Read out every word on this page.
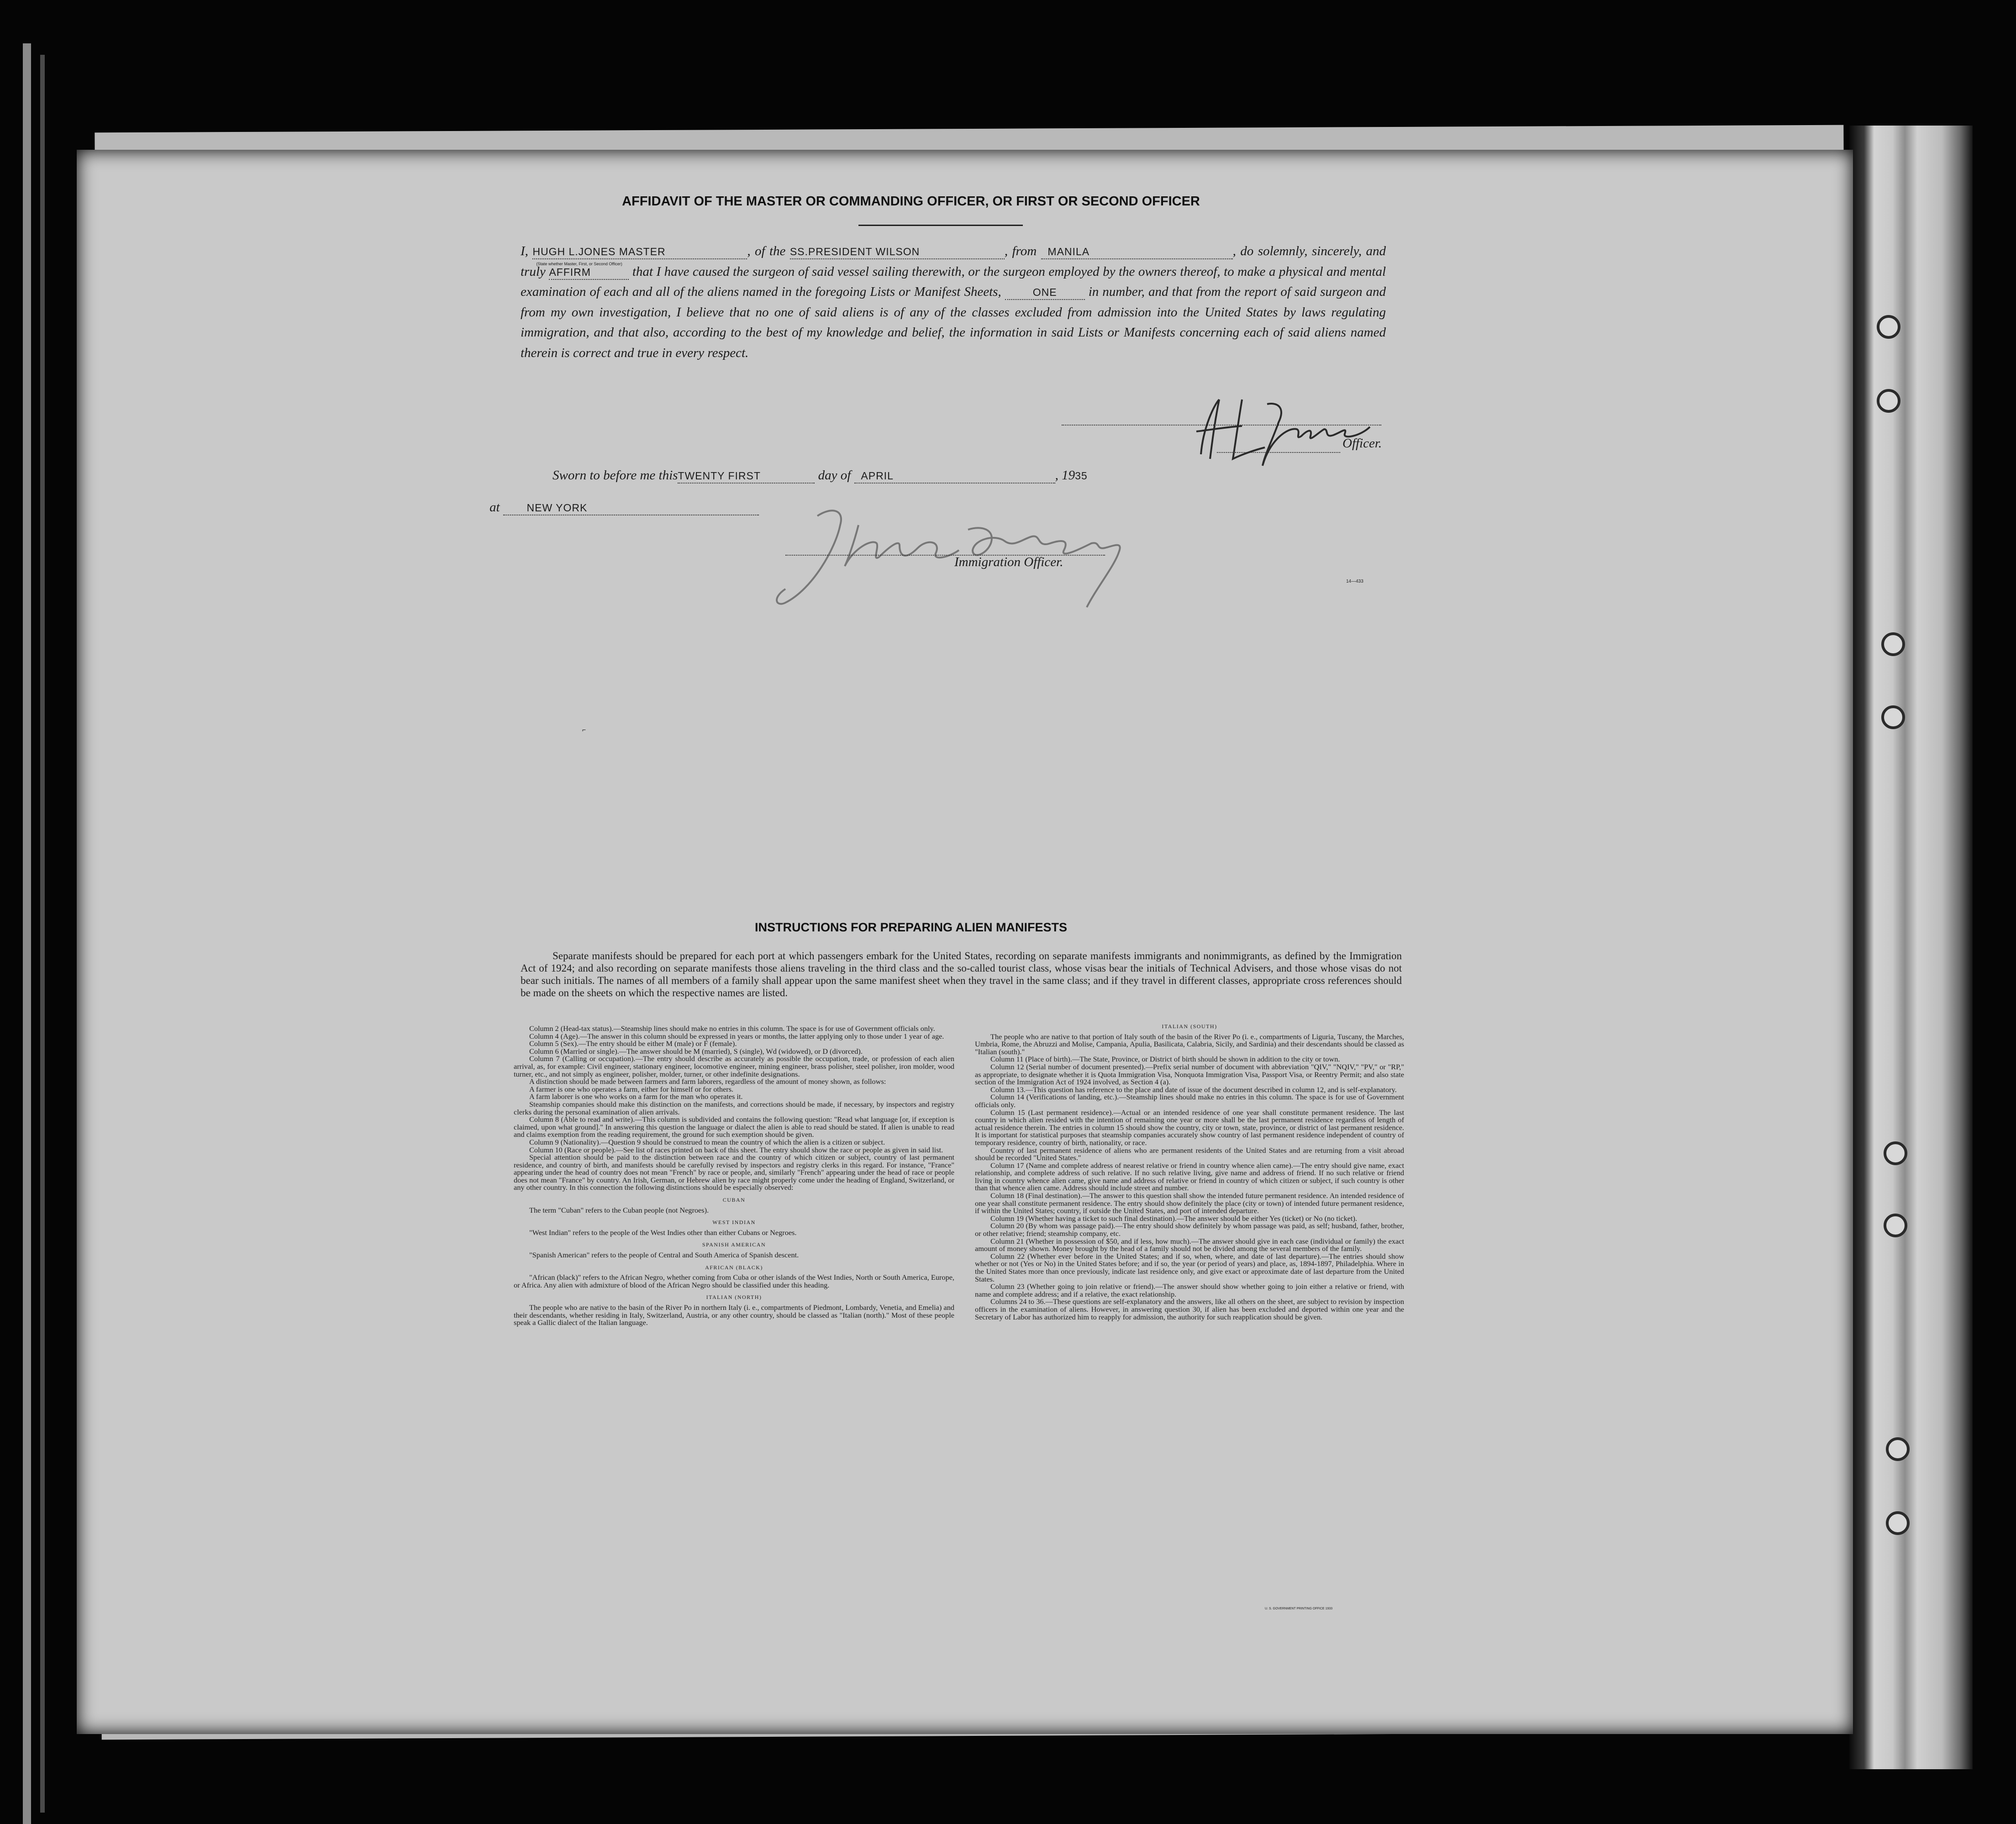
AFFIDAVIT OF THE MASTER OR COMMANDING OFFICER, OR FIRST OR SECOND OFFICER
I, HUGH L.JONES MASTER
(State whether Master, First, or Second Officer)
, of the SS.PRESIDENT WILSON	, from MANILA	, do solemnly, sincerely, and truly AFFIRM	that I have caused the surgeon of said vessel sailing therewith, or the surgeon employed by the owners thereof, to make a physical and mental examination of each and all of the aliens named in the foregoing Lists or Manifest Sheets,	ONE in number, and that from the report of said surgeon and from my own investigation, I believe that no one of said aliens is of any of the classes excluded from admission into the United States by laws regulating immigration, and that also, according to the best of my knowledge and belief, the information in said Lists or Manifests concerning each of said aliens named therein is correct and true in every respect.
Officer.
Sworn to before me thisTWENTY FIRST	day of APRIL	, 1935
at	NEW YORK
Immigration Officer.
14—433
⌐
INSTRUCTIONS FOR PREPARING ALIEN MANIFESTS
Separate manifests should be prepared for each port at which passengers embark for the United States, recording on separate manifests immigrants and nonimmigrants, as defined by the Immigration Act of 1924; and also recording on separate manifests those aliens traveling in the third class and the so-called tourist class, whose visas bear the initials of Technical Advisers, and those whose visas do not bear such initials. The names of all members of a family shall appear upon the same manifest sheet when they travel in the same class; and if they travel in different classes, appropriate cross references should be made on the sheets on which the respective names are listed.

Column 2 (Head-tax status).—Steamship lines should make no entries in this column. The space is for use of Government officials only.

Column 4 (Age).—The answer in this column should be expressed in years or months, the latter applying only to those under 1 year of age.

Column 5 (Sex).—The entry should be either M (male) or F (female).

Column 6 (Married or single).—The answer should be M (married), S (single), Wd (widowed), or D (divorced).

Column 7 (Calling or occupation).—The entry should describe as accurately as possible the occupation, trade, or profession of each alien arrival, as, for example: Civil engineer, stationary engineer, locomotive engineer, mining engineer, brass polisher, steel polisher, iron molder, wood turner, etc., and not simply as engineer, polisher, molder, turner, or other indefinite designations.

A distinction should be made between farmers and farm laborers, regardless of the amount of money shown, as follows:

A farmer is one who operates a farm, either for himself or for others.

A farm laborer is one who works on a farm for the man who operates it.

Steamship companies should make this distinction on the manifests, and corrections should be made, if necessary, by inspectors and registry clerks during the personal examination of alien arrivals.

Column 8 (Able to read and write).—This column is subdivided and contains the following question: "Read what language [or, if exception is claimed, upon what ground]." In answering this question the language or dialect the alien is able to read should be stated. If alien is unable to read and claims exemption from the reading requirement, the ground for such exemption should be given.

Column 9 (Nationality).—Question 9 should be construed to mean the country of which the alien is a citizen or subject.

Column 10 (Race or people).—See list of races printed on back of this sheet. The entry should show the race or people as given in said list.

Special attention should be paid to the distinction between race and the country of which citizen or subject, country of last permanent residence, and country of birth, and manifests should be carefully revised by inspectors and registry clerks in this regard. For instance, "France" appearing under the head of country does not mean "French" by race or people, and, similarly "French" appearing under the head of race or people does not mean "France" by country. An Irish, German, or Hebrew alien by race might properly come under the heading of England, Switzerland, or any other country. In this connection the following distinctions should be especially observed:

CUBAN

The term "Cuban" refers to the Cuban people (not Negroes).

WEST INDIAN

"West Indian" refers to the people of the West Indies other than either Cubans or Negroes.

SPANISH AMERICAN

"Spanish American" refers to the people of Central and South America of Spanish descent.

AFRICAN (BLACK)

"African (black)" refers to the African Negro, whether coming from Cuba or other islands of the West Indies, North or South America, Europe, or Africa. Any alien with admixture of blood of the African Negro should be classified under this heading.

ITALIAN (NORTH)

The people who are native to the basin of the River Po in northern Italy (i. e., compartments of Piedmont, Lombardy, Venetia, and Emelia) and their descendants, whether residing in Italy, Switzerland, Austria, or any other country, should be classed as "Italian (north)." Most of these people speak a Gallic dialect of the Italian language.

ITALIAN (SOUTH)

The people who are native to that portion of Italy south of the basin of the River Po (i. e., compartments of Liguria, Tuscany, the Marches, Umbria, Rome, the Abruzzi and Molise, Campania, Apulia, Basilicata, Calabria, Sicily, and Sardinia) and their descendants should be classed as "Italian (south)."

Column 11 (Place of birth).—The State, Province, or District of birth should be shown in addition to the city or town.

Column 12 (Serial number of document presented).—Prefix serial number of document with abbreviation "QIV," "NQIV," "PV," or "RP," as appropriate, to designate whether it is Quota Immigration Visa, Nonquota Immigration Visa, Passport Visa, or Reentry Permit; and also state section of the Immigration Act of 1924 involved, as Section 4 (a).

Column 13.—This question has reference to the place and date of issue of the document described in column 12, and is self-explanatory.

Column 14 (Verifications of landing, etc.).—Steamship lines should make no entries in this column. The space is for use of Government officials only.

Column 15 (Last permanent residence).—Actual or an intended residence of one year shall constitute permanent residence. The last country in which alien resided with the intention of remaining one year or more shall be the last permanent residence regardless of length of actual residence therein. The entries in column 15 should show the country, city or town, state, province, or district of last permanent residence. It is important for statistical purposes that steamship companies accurately show country of last permanent residence independent of country of temporary residence, country of birth, nationality, or race.

Country of last permanent residence of aliens who are permanent residents of the United States and are returning from a visit abroad should be recorded "United States."

Column 17 (Name and complete address of nearest relative or friend in country whence alien came).—The entry should give name, exact relationship, and complete address of such relative. If no such relative living, give name and address of friend. If no such relative or friend living in country whence alien came, give name and address of relative or friend in country of which citizen or subject, if such country is other than that whence alien came. Address should include street and number.

Column 18 (Final destination).—The answer to this question shall show the intended future permanent residence. An intended residence of one year shall constitute permanent residence. The entry should show definitely the place (city or town) of intended future permanent residence, if within the United States; country, if outside the United States, and port of intended departure.

Column 19 (Whether having a ticket to such final destination).—The answer should be either Yes (ticket) or No (no ticket).

Column 20 (By whom was passage paid).—The entry should show definitely by whom passage was paid, as self; husband, father, brother, or other relative; friend; steamship company, etc.

Column 21 (Whether in possession of $50, and if less, how much).—The answer should give in each case (individual or family) the exact amount of money shown. Money brought by the head of a family should not be divided among the several members of the family.

Column 22 (Whether ever before in the United States; and if so, when, where, and date of last departure).—The entries should show whether or not (Yes or No) in the United States before; and if so, the year (or period of years) and place, as, 1894-1897, Philadelphia. Where in the United States more than once previously, indicate last residence only, and give exact or approximate date of last departure from the United States.

Column 23 (Whether going to join relative or friend).—The answer should show whether going to join either a relative or friend, with name and complete address; and if a relative, the exact relationship.

Columns 24 to 36.—These questions are self-explanatory and the answers, like all others on the sheet, are subject to revision by inspection officers in the examination of aliens. However, in answering question 30, if alien has been excluded and deported within one year and the Secretary of Labor has authorized him to reapply for admission, the authority for such reapplication should be given.

U. S. GOVERNMENT PRINTING OFFICE 1933
